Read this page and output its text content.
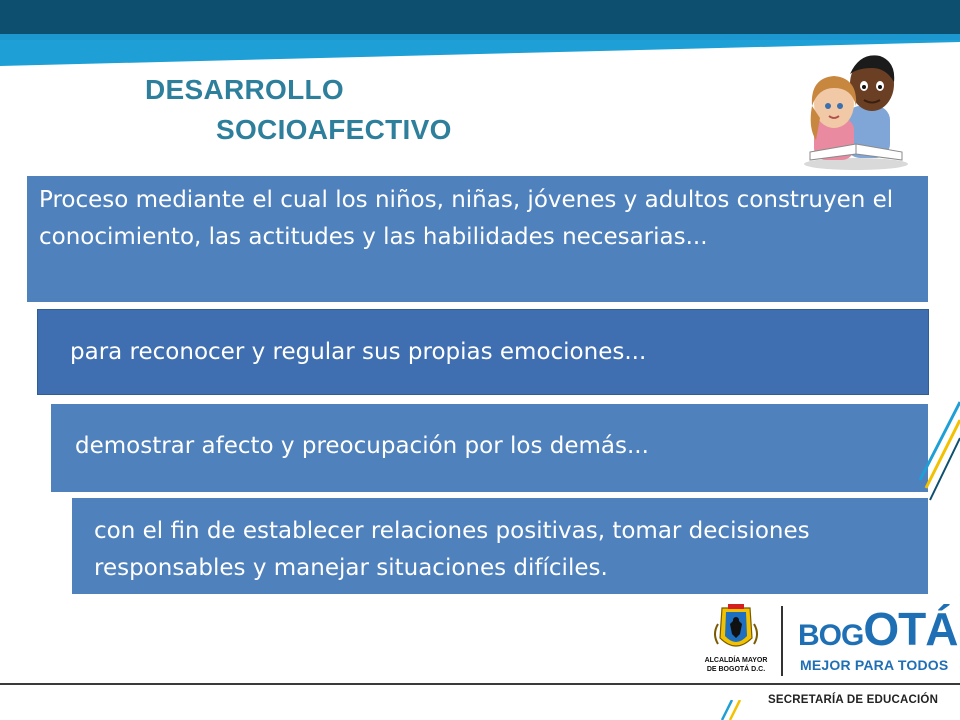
DESARROLLO
SOCIOAFECTIVO
Proceso mediante el cual los niños, niñas, jóvenes y adultos construyen el conocimiento, las actitudes y las habilidades necesarias...
para reconocer y regular sus propias emociones...
demostrar afecto y preocupación por los demás...
con el fin de establecer relaciones positivas, tomar decisiones responsables y manejar situaciones difíciles.
ALCALDÍA MAYOR
DE BOGOTÁ D.C.

BOGOTÁ

MEJOR PARA TODOS
SECRETARÍA DE EDUCACIÓN
